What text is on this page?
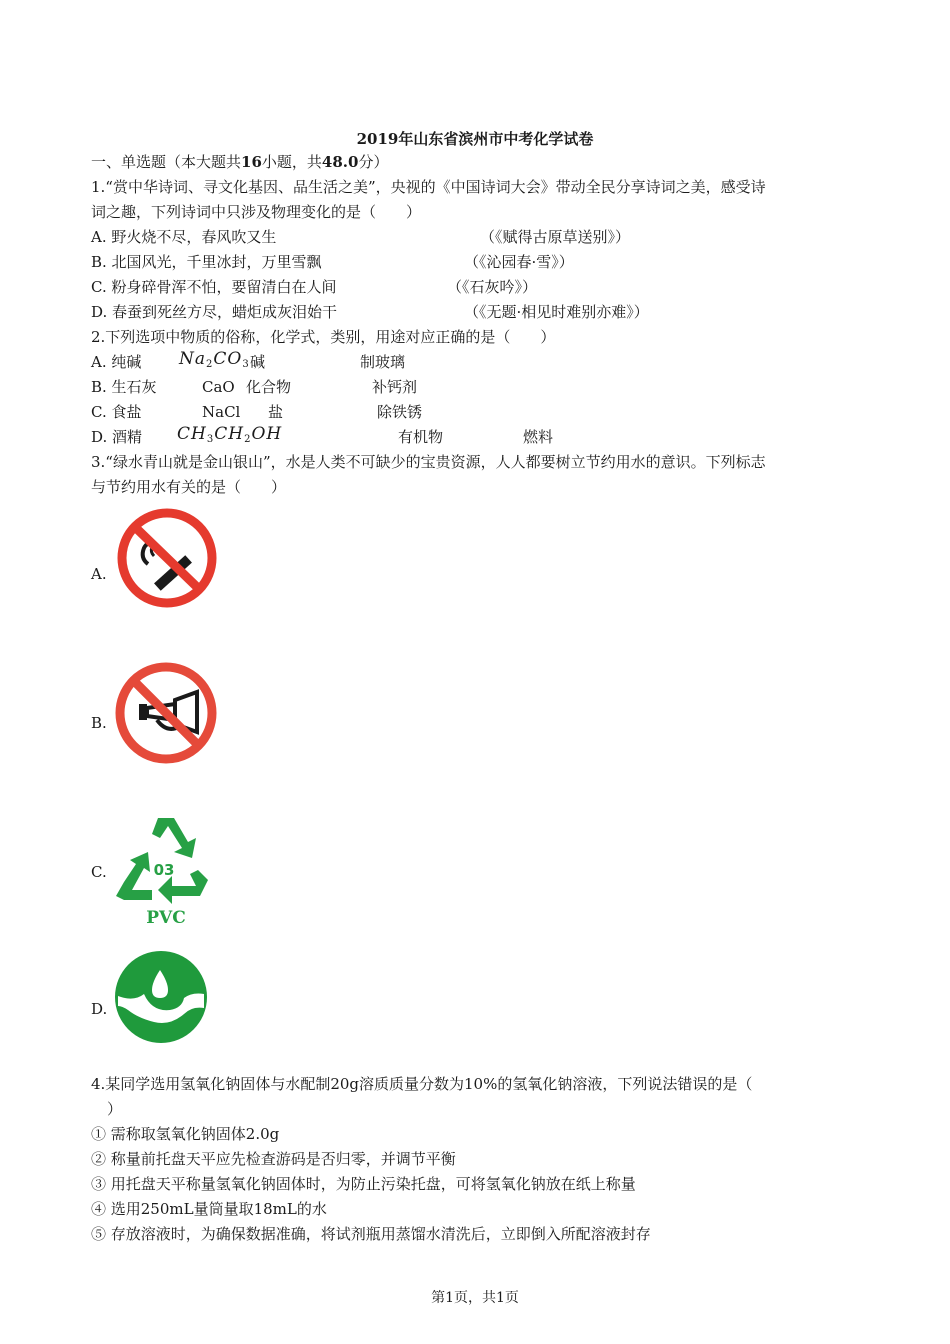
2019年山东省滨州市中考化学试卷
一、单选题（本大题共16小题，共48.0分）
1.“赏中华诗词、寻文化基因、品生活之美”，央视的《中国诗词大会》带动全民分享诗词之美，感受诗
词之趣，下列诗词中只涉及物理变化的是（　　）
A. 野火烧不尽，春风吹又生	（《赋得古原草送别》）
B. 北国风光，千里冰封，万里雪飘	（《沁园春·雪》）
C. 粉身碎骨浑不怕，要留清白在人间	（《石灰吟》）
D. 春蚕到死丝方尽，蜡炬成灰泪始干	（《无题·相见时难别亦难》）
2.下列选项中物质的俗称，化学式，类别，用途对应正确的是（　　）
A. 纯碱 $Na_2CO_3$ 碱	制玻璃
B. 生石灰	CaO 化合物	补钙剂
C. 食盐	NaCl 盐	除铁锈
D. 酒精 $CH_3CH_2OH$	有机物	燃料
3.“绿水青山就是金山银山”，水是人类不可缺少的宝贵资源，人人都要树立节约用水的意识。下列标志
与节约用水有关的是（　　）
A.
B.
C.	03
PVC
D.
4.某同学选用氢氧化钠固体与水配制20g溶质质量分数为10%的氢氧化钠溶液，下列说法错误的是（
）
① 需称取氢氧化钠固体2.0g
② 称量前托盘天平应先检查游码是否归零，并调节平衡
③ 用托盘天平称量氢氧化钠固体时，为防止污染托盘，可将氢氧化钠放在纸上称量
④ 选用250mL量筒量取18mL的水
⑤ 存放溶液时，为确保数据准确，将试剂瓶用蒸馏水清洗后，立即倒入所配溶液封存
第1页，共1页
